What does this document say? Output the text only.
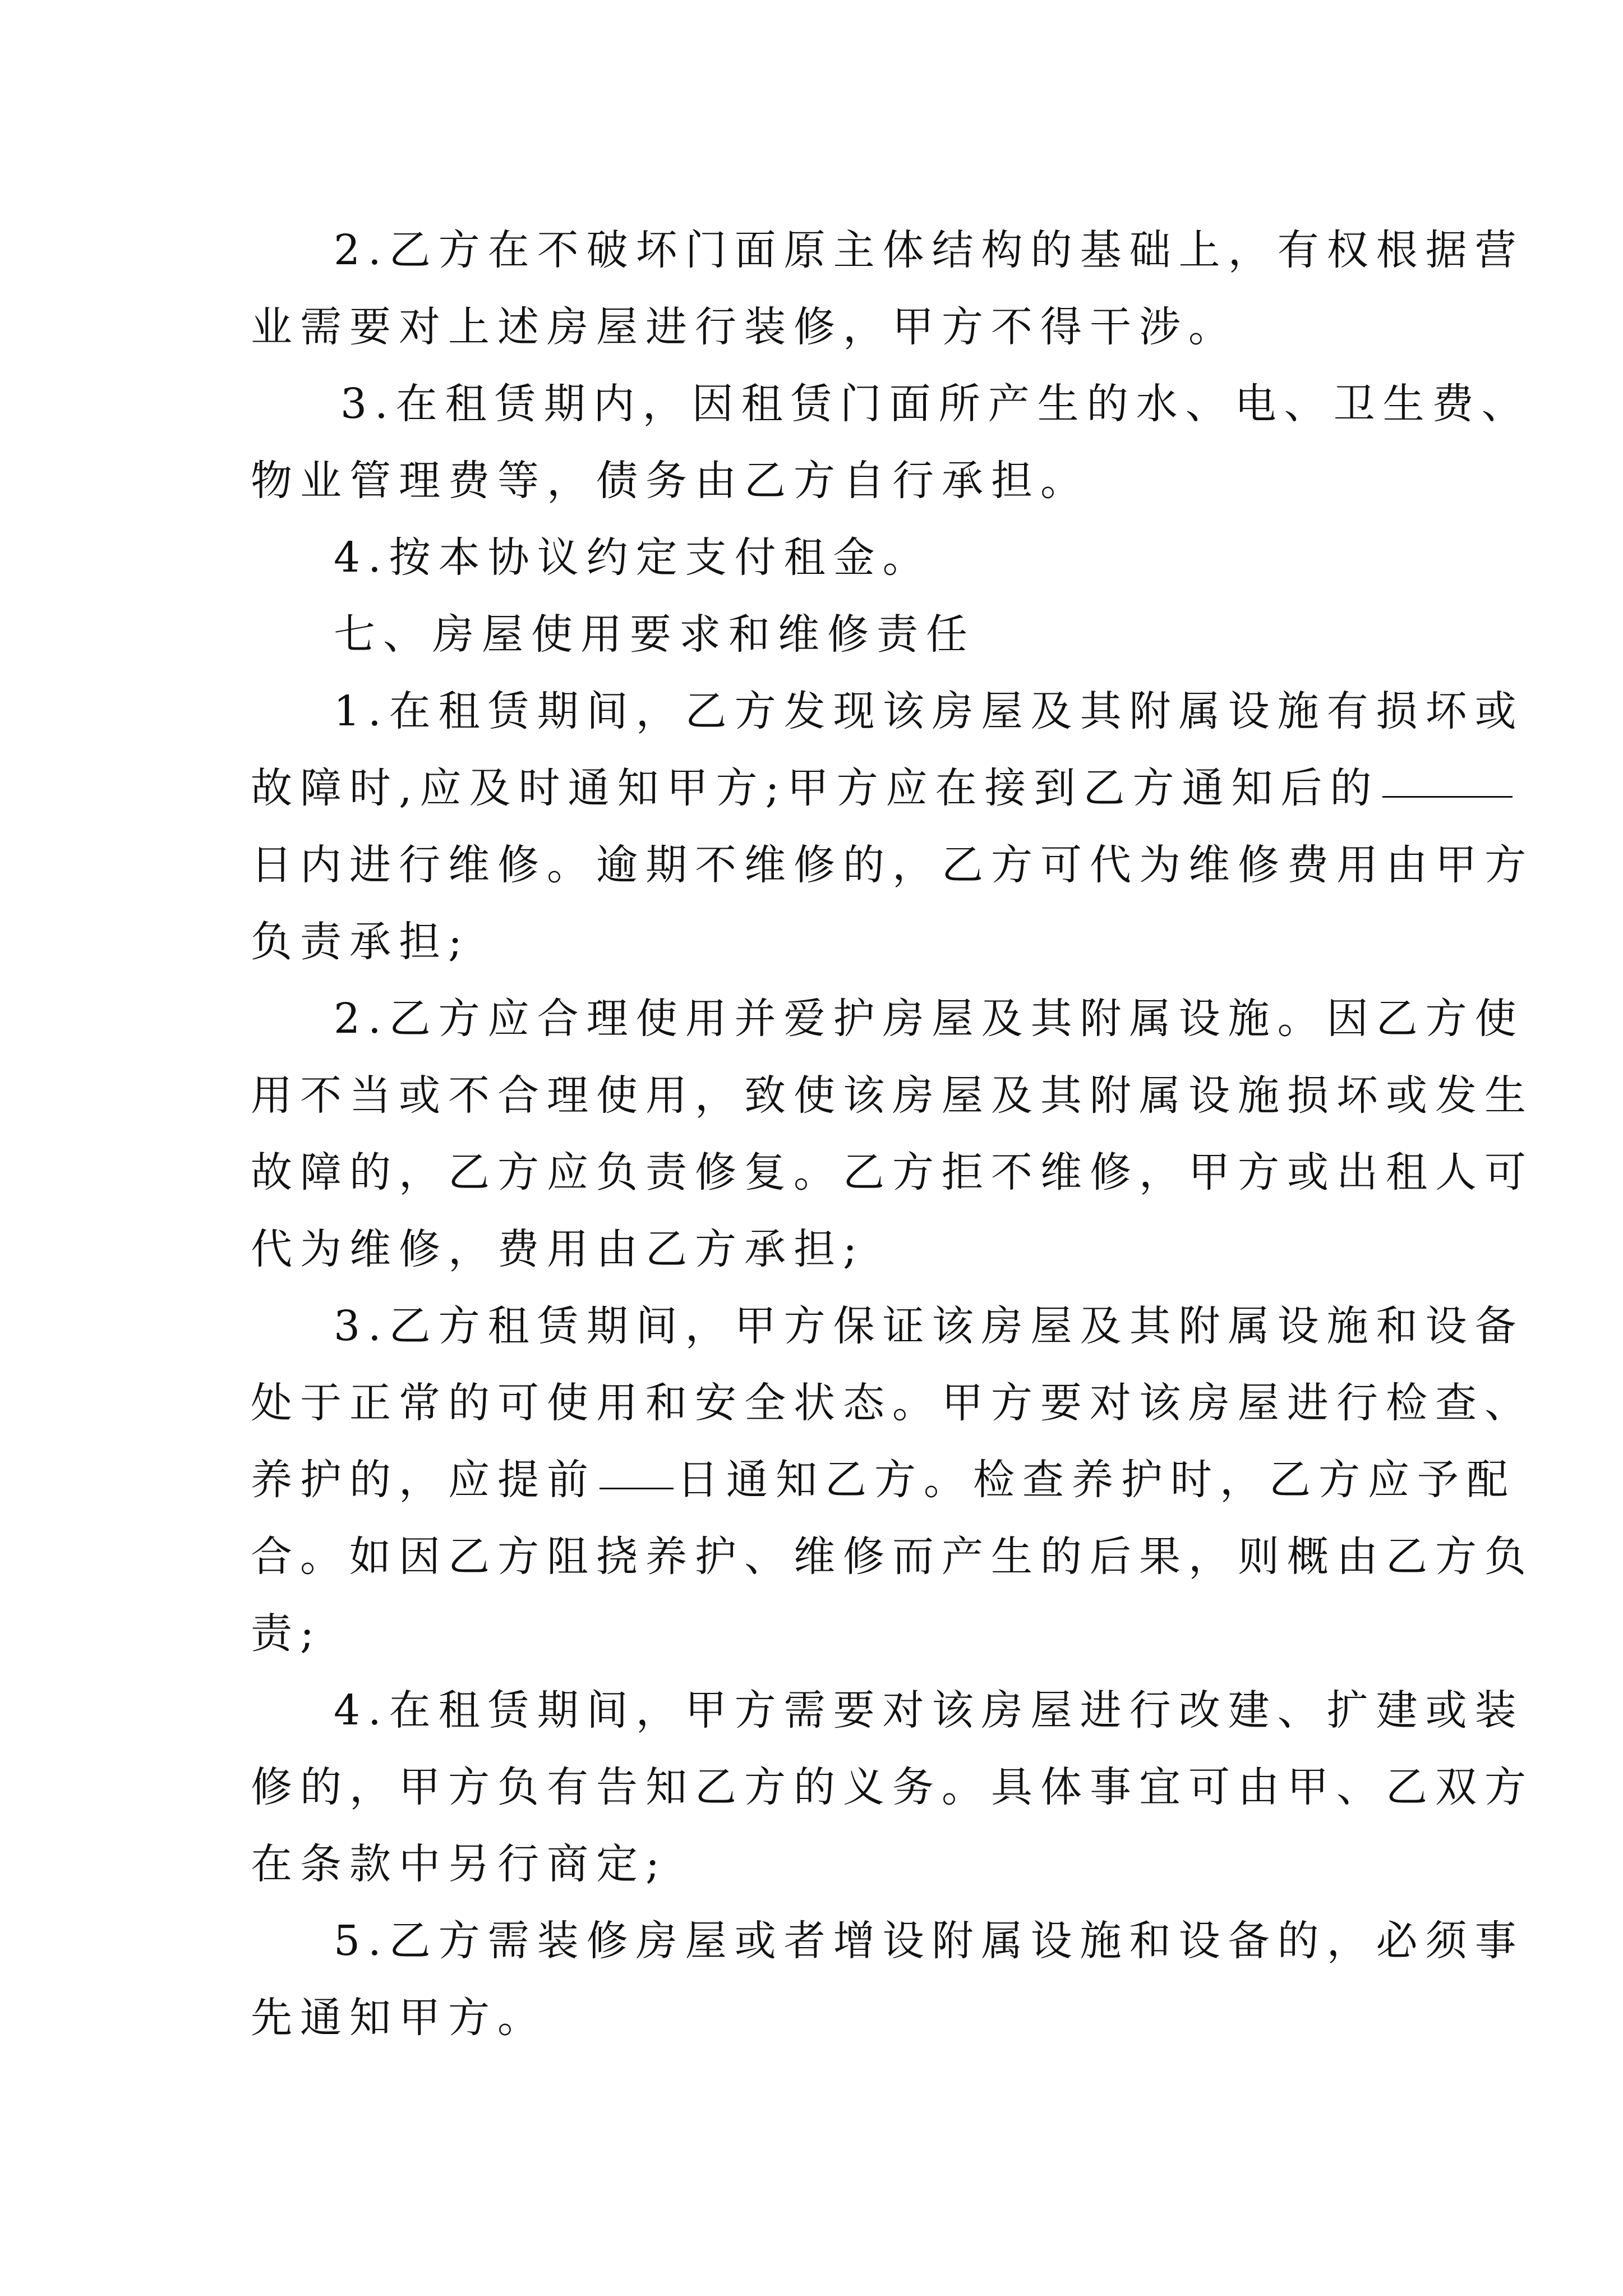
2.乙方在不破坏门面原主体结构的基础上，有权根据营
业需要对上述房屋进行装修，甲方不得干涉。
3.在租赁期内，因租赁门面所产生的水、电、卫生费、
物业管理费等，债务由乙方自行承担。
4.按本协议约定支付租金。
七、房屋使用要求和维修责任
1.在租赁期间，乙方发现该房屋及其附属设施有损坏或
故障时,应及时通知甲方;甲方应在接到乙方通知后的
日内进行维修。逾期不维修的，乙方可代为维修费用由甲方
负责承担;
2.乙方应合理使用并爱护房屋及其附属设施。因乙方使
用不当或不合理使用，致使该房屋及其附属设施损坏或发生
故障的，乙方应负责修复。乙方拒不维修，甲方或出租人可
代为维修，费用由乙方承担;
3.乙方租赁期间，甲方保证该房屋及其附属设施和设备
处于正常的可使用和安全状态。甲方要对该房屋进行检查、
养护的，应提前 日通知乙方。检查养护时，乙方应予配
合。如因乙方阻挠养护、维修而产生的后果，则概由乙方负
责;
4.在租赁期间，甲方需要对该房屋进行改建、扩建或装
修的，甲方负有告知乙方的义务。具体事宜可由甲、乙双方
在条款中另行商定;
5.乙方需装修房屋或者增设附属设施和设备的，必须事
先通知甲方。
